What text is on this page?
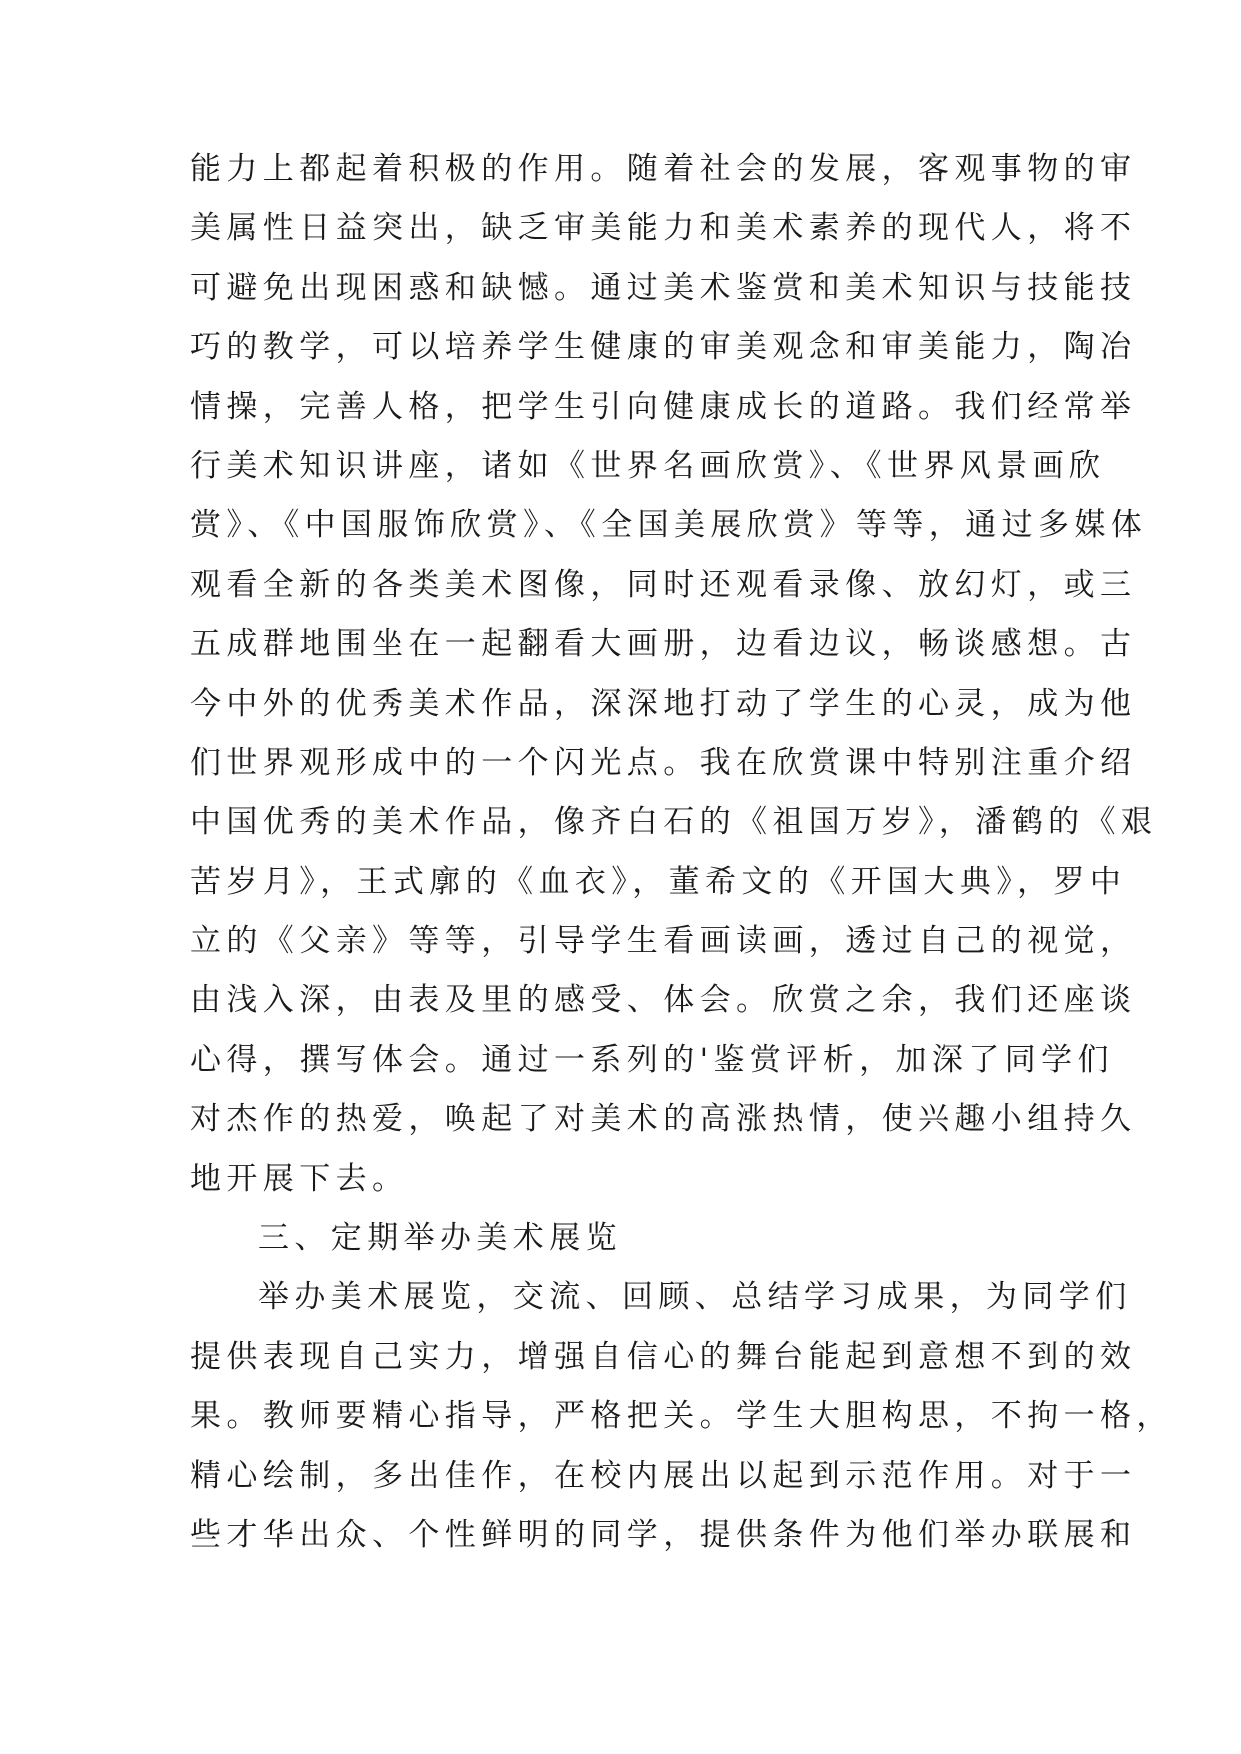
能力上都起着积极的作用。随着社会的发展，客观事物的审
美属性日益突出，缺乏审美能力和美术素养的现代人，将不
可避免出现困惑和缺憾。通过美术鉴赏和美术知识与技能技
巧的教学，可以培养学生健康的审美观念和审美能力，陶冶
情操，完善人格，把学生引向健康成长的道路。我们经常举
行美术知识讲座，诸如《世界名画欣赏》、《世界风景画欣
赏》、《中国服饰欣赏》、《全国美展欣赏》等等，通过多媒体
观看全新的各类美术图像，同时还观看录像、放幻灯，或三
五成群地围坐在一起翻看大画册，边看边议，畅谈感想。古
今中外的优秀美术作品，深深地打动了学生的心灵，成为他
们世界观形成中的一个闪光点。我在欣赏课中特别注重介绍
中国优秀的美术作品，像齐白石的《祖国万岁》，潘鹤的《艰
苦岁月》，王式廓的《血衣》，董希文的《开国大典》，罗中
立的《父亲》等等，引导学生看画读画，透过自己的视觉，
由浅入深，由表及里的感受、体会。欣赏之余，我们还座谈
心得，撰写体会。通过一系列的'鉴赏评析，加深了同学们
对杰作的热爱，唤起了对美术的高涨热情，使兴趣小组持久
地开展下去。
三、定期举办美术展览
举办美术展览，交流、回顾、总结学习成果，为同学们
提供表现自己实力，增强自信心的舞台能起到意想不到的效
果。教师要精心指导，严格把关。学生大胆构思，不拘一格，
精心绘制，多出佳作，在校内展出以起到示范作用。对于一
些才华出众、个性鲜明的同学，提供条件为他们举办联展和
